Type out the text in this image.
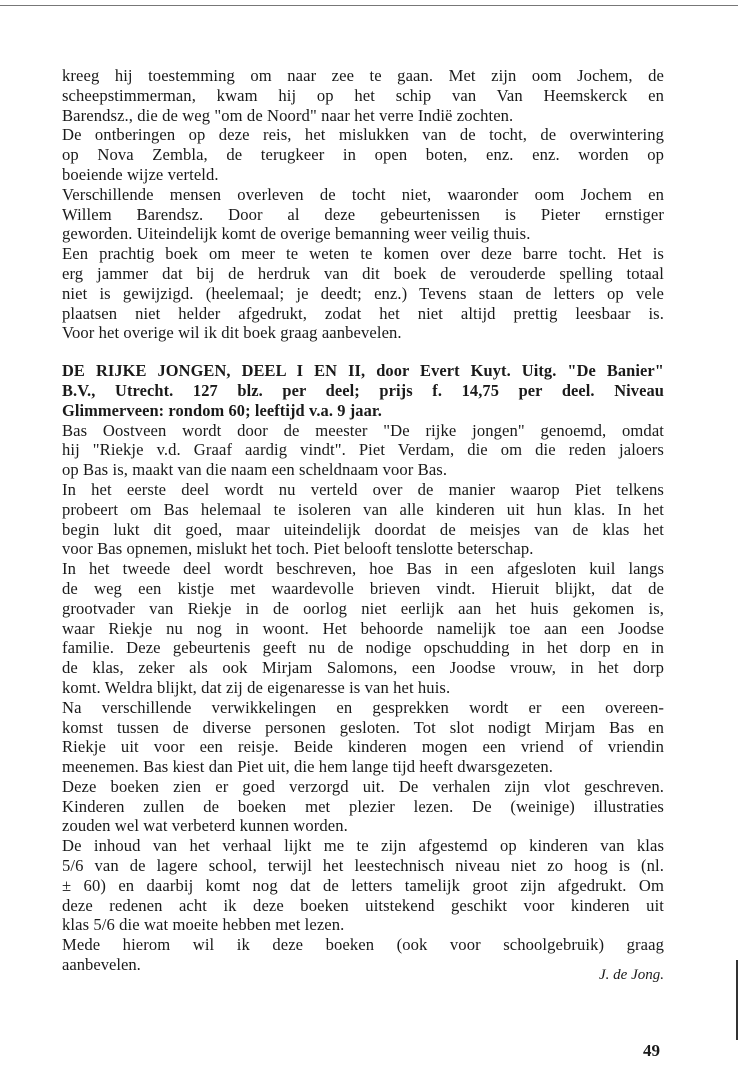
kreeg hij toestemming om naar zee te gaan. Met zijn oom Jochem, de
scheepstimmerman, kwam hij op het schip van Van Heemskerck en
Barendsz., die de weg "om de Noord" naar het verre Indië zochten.
De ontberingen op deze reis, het mislukken van de tocht, de overwintering
op Nova Zembla, de terugkeer in open boten, enz. enz. worden op
boeiende wijze verteld.
Verschillende mensen overleven de tocht niet, waaronder oom Jochem en
Willem Barendsz. Door al deze gebeurtenissen is Pieter ernstiger
geworden. Uiteindelijk komt de overige bemanning weer veilig thuis.
Een prachtig boek om meer te weten te komen over deze barre tocht. Het is
erg jammer dat bij de herdruk van dit boek de verouderde spelling totaal
niet is gewijzigd. (heelemaal; je deedt; enz.) Tevens staan de letters op vele
plaatsen niet helder afgedrukt, zodat het niet altijd prettig leesbaar is.
Voor het overige wil ik dit boek graag aanbevelen.
DE RIJKE JONGEN, DEEL I EN II, door Evert Kuyt. Uitg. "De Banier"
B.V., Utrecht. 127 blz. per deel; prijs f. 14,75 per deel. Niveau
Glimmerveen: rondom 60; leeftijd v.a. 9 jaar.
Bas Oostveen wordt door de meester "De rijke jongen" genoemd, omdat
hij "Riekje v.d. Graaf aardig vindt". Piet Verdam, die om die reden jaloers
op Bas is, maakt van die naam een scheldnaam voor Bas.
In het eerste deel wordt nu verteld over de manier waarop Piet telkens
probeert om Bas helemaal te isoleren van alle kinderen uit hun klas. In het
begin lukt dit goed, maar uiteindelijk doordat de meisjes van de klas het
voor Bas opnemen, mislukt het toch. Piet belooft tenslotte beterschap.
In het tweede deel wordt beschreven, hoe Bas in een afgesloten kuil langs
de weg een kistje met waardevolle brieven vindt. Hieruit blijkt, dat de
grootvader van Riekje in de oorlog niet eerlijk aan het huis gekomen is,
waar Riekje nu nog in woont. Het behoorde namelijk toe aan een Joodse
familie. Deze gebeurtenis geeft nu de nodige opschudding in het dorp en in
de klas, zeker als ook Mirjam Salomons, een Joodse vrouw, in het dorp
komt. Weldra blijkt, dat zij de eigenaresse is van het huis.
Na verschillende verwikkelingen en gesprekken wordt er een overeen-
komst tussen de diverse personen gesloten. Tot slot nodigt Mirjam Bas en
Riekje uit voor een reisje. Beide kinderen mogen een vriend of vriendin
meenemen. Bas kiest dan Piet uit, die hem lange tijd heeft dwarsgezeten.
Deze boeken zien er goed verzorgd uit. De verhalen zijn vlot geschreven.
Kinderen zullen de boeken met plezier lezen. De (weinige) illustraties
zouden wel wat verbeterd kunnen worden.
De inhoud van het verhaal lijkt me te zijn afgestemd op kinderen van klas
5/6 van de lagere school, terwijl het leestechnisch niveau niet zo hoog is (nl.
± 60) en daarbij komt nog dat de letters tamelijk groot zijn afgedrukt. Om
deze redenen acht ik deze boeken uitstekend geschikt voor kinderen uit
klas 5/6 die wat moeite hebben met lezen.
Mede hierom wil ik deze boeken (ook voor schoolgebruik) graag
aanbevelen.
J. de Jong.
49
